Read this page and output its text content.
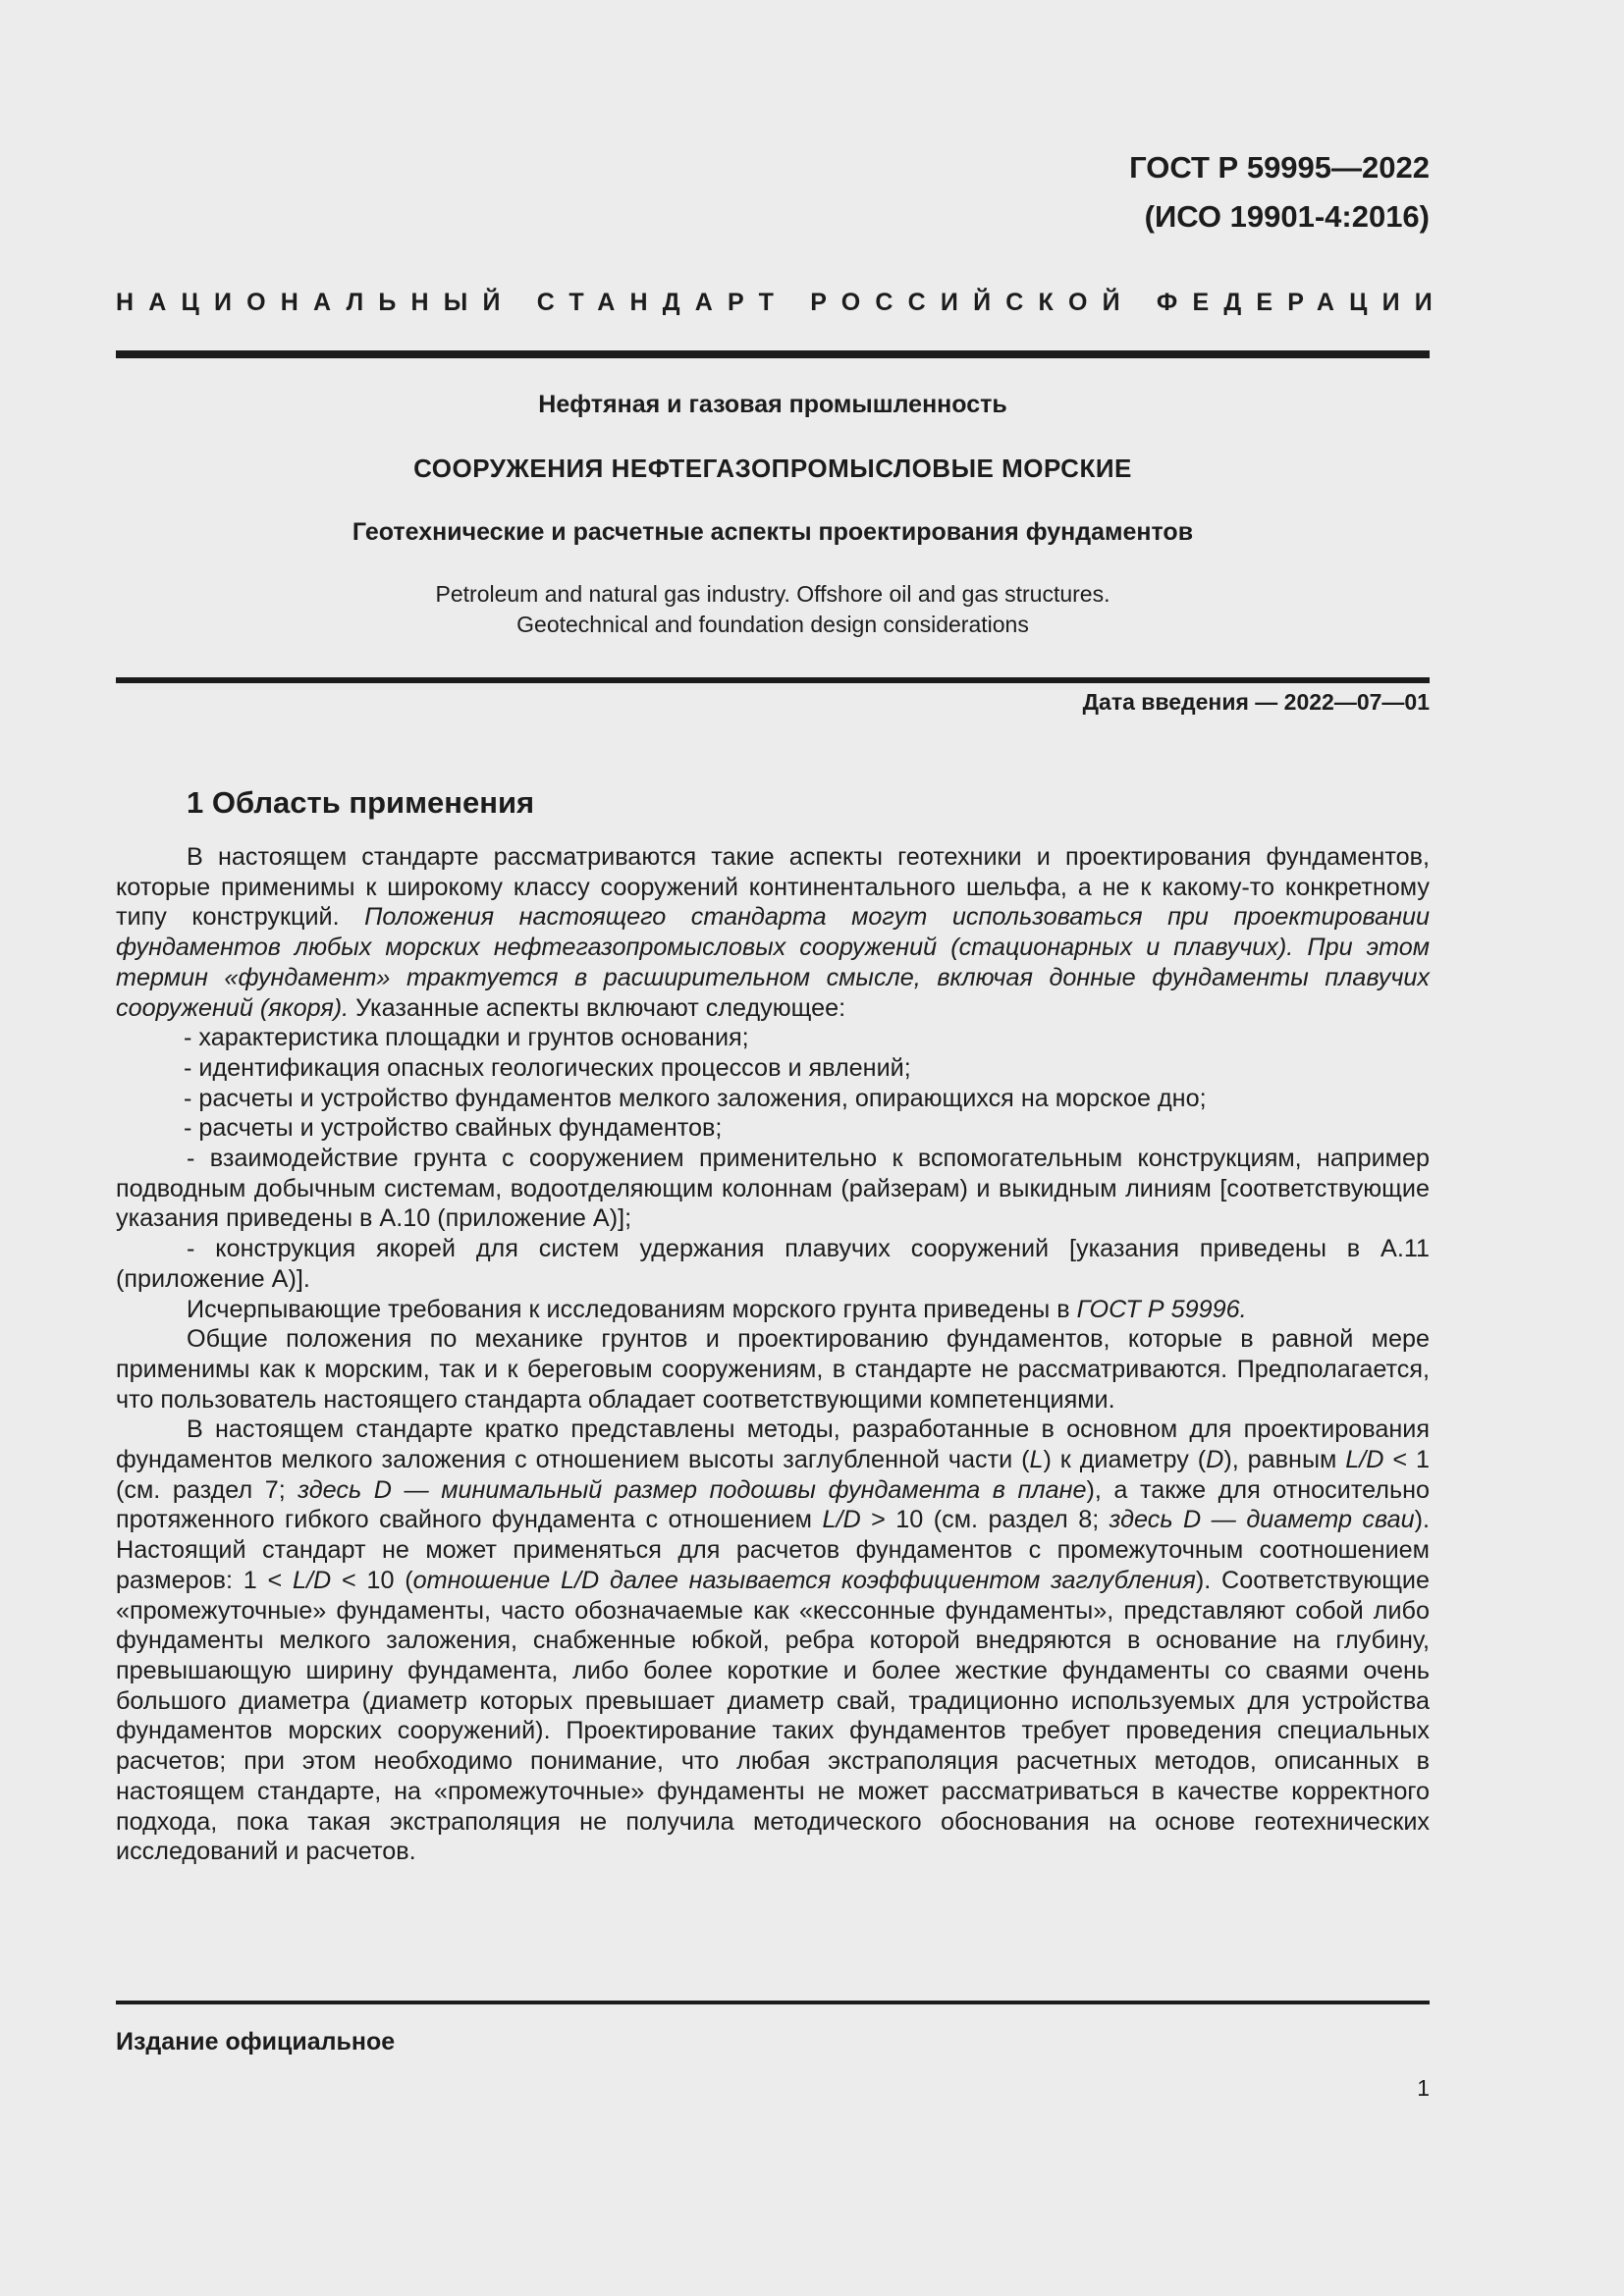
ГОСТ Р 59995—2022
(ИСО 19901-4:2016)
НАЦИОНАЛЬНЫЙ СТАНДАРТ РОССИЙСКОЙ ФЕДЕРАЦИИ
Нефтяная и газовая промышленность
СООРУЖЕНИЯ НЕФТЕГАЗОПРОМЫСЛОВЫЕ МОРСКИЕ
Геотехнические и расчетные аспекты проектирования фундаментов
Petroleum and natural gas industry. Offshore oil and gas structures.
Geotechnical and foundation design considerations
Дата введения — 2022—07—01
1 Область применения

В настоящем стандарте рассматриваются такие аспекты геотехники и проектирования фундаментов, которые применимы к широкому классу сооружений континентального шельфа, а не к какому-то конкретному типу конструкций. Положения настоящего стандарта могут использоваться при проектировании фундаментов любых морских нефтегазопромысловых сооружений (стационарных и плавучих). При этом термин «фундамент» трактуется в расширительном смысле, включая донные фундаменты плавучих сооружений (якоря). Указанные аспекты включают следующее:

- характеристика площадки и грунтов основания;

- идентификация опасных геологических процессов и явлений;

- расчеты и устройство фундаментов мелкого заложения, опирающихся на морское дно;

- расчеты и устройство свайных фундаментов;

- взаимодействие грунта с сооружением применительно к вспомогательным конструкциям, например подводным добычным системам, водоотделяющим колоннам (райзерам) и выкидным линиям [соответствующие указания приведены в А.10 (приложение А)];

- конструкция якорей для систем удержания плавучих сооружений [указания приведены в А.11 (приложение А)].

Исчерпывающие требования к исследованиям морского грунта приведены в ГОСТ Р 59996.

Общие положения по механике грунтов и проектированию фундаментов, которые в равной мере применимы как к морским, так и к береговым сооружениям, в стандарте не рассматриваются. Предполагается, что пользователь настоящего стандарта обладает соответствующими компетенциями.

В настоящем стандарте кратко представлены методы, разработанные в основном для проектирования фундаментов мелкого заложения с отношением высоты заглубленной части (L) к диаметру (D), равным L/D < 1 (см. раздел 7; здесь D — минимальный размер подошвы фундамента в плане), а также для относительно протяженного гибкого свайного фундамента с отношением L/D > 10 (см. раздел 8; здесь D — диаметр сваи). Настоящий стандарт не может применяться для расчетов фундаментов с промежуточным соотношением размеров: 1 < L/D < 10 (отношение L/D далее называется коэффициентом заглубления). Соответствующие «промежуточные» фундаменты, часто обозначаемые как «кессонные фундаменты», представляют собой либо фундаменты мелкого заложения, снабженные юбкой, ребра которой внедряются в основание на глубину, превышающую ширину фундамента, либо более короткие и более жесткие фундаменты со сваями очень большого диаметра (диаметр которых превышает диаметр свай, традиционно используемых для устройства фундаментов морских сооружений). Проектирование таких фундаментов требует проведения специальных расчетов; при этом необходимо понимание, что любая экстраполяция расчетных методов, описанных в настоящем стандарте, на «промежуточные» фундаменты не может рассматриваться в качестве корректного подхода, пока такая экстраполяция не получила методического обоснования на основе геотехнических исследований и расчетов.

Издание официальное
1
